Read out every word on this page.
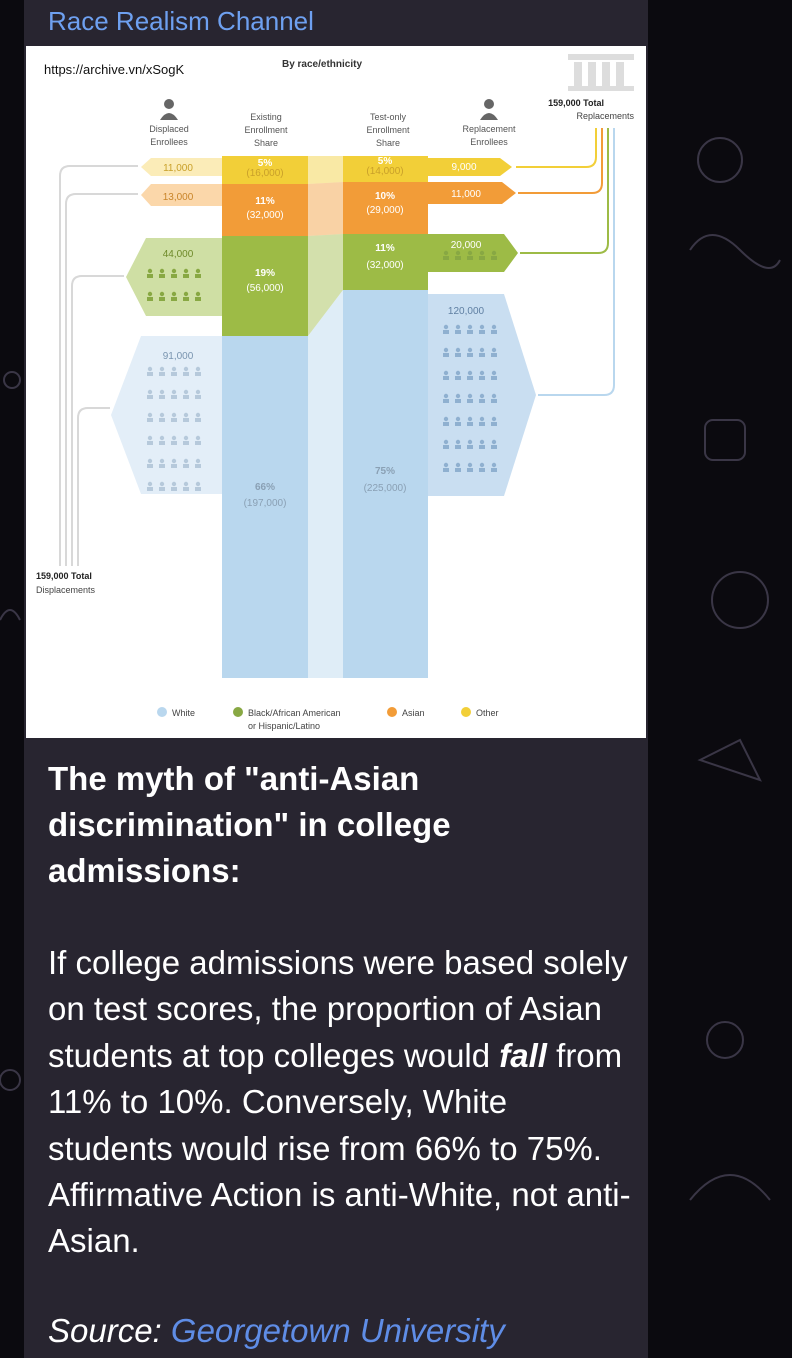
Race Realism Channel
https://archive.vn/xSogK	By race/ethnicity
Displaced
Enrollees
Existing
Enrollment
Share
Test-only
Enrollment
Share
Replacement
Enrollees
159,000 Total
Replacements
159,000 Total
Displacements
5%
(16,000)
5%
(14,000)
11%
(32,000)
10%
(29,000)
19%
(56,000)
11%
(32,000)
66%
(197,000)
75%
(225,000)
11,000
13,000
44,000
91,000
9,000
11,000
20,000
120,000
White	Black/African American
or Hispanic/Latino
Asian	Other
The myth of "anti-Asian discrimination" in college admissions:
If college admissions were based solely on test scores, the proportion of Asian students at top colleges would fall from 11% to 10%. Conversely, White students would rise from 66% to 75%. Affirmative Action is anti-White, not anti-Asian.
Source: Georgetown University
